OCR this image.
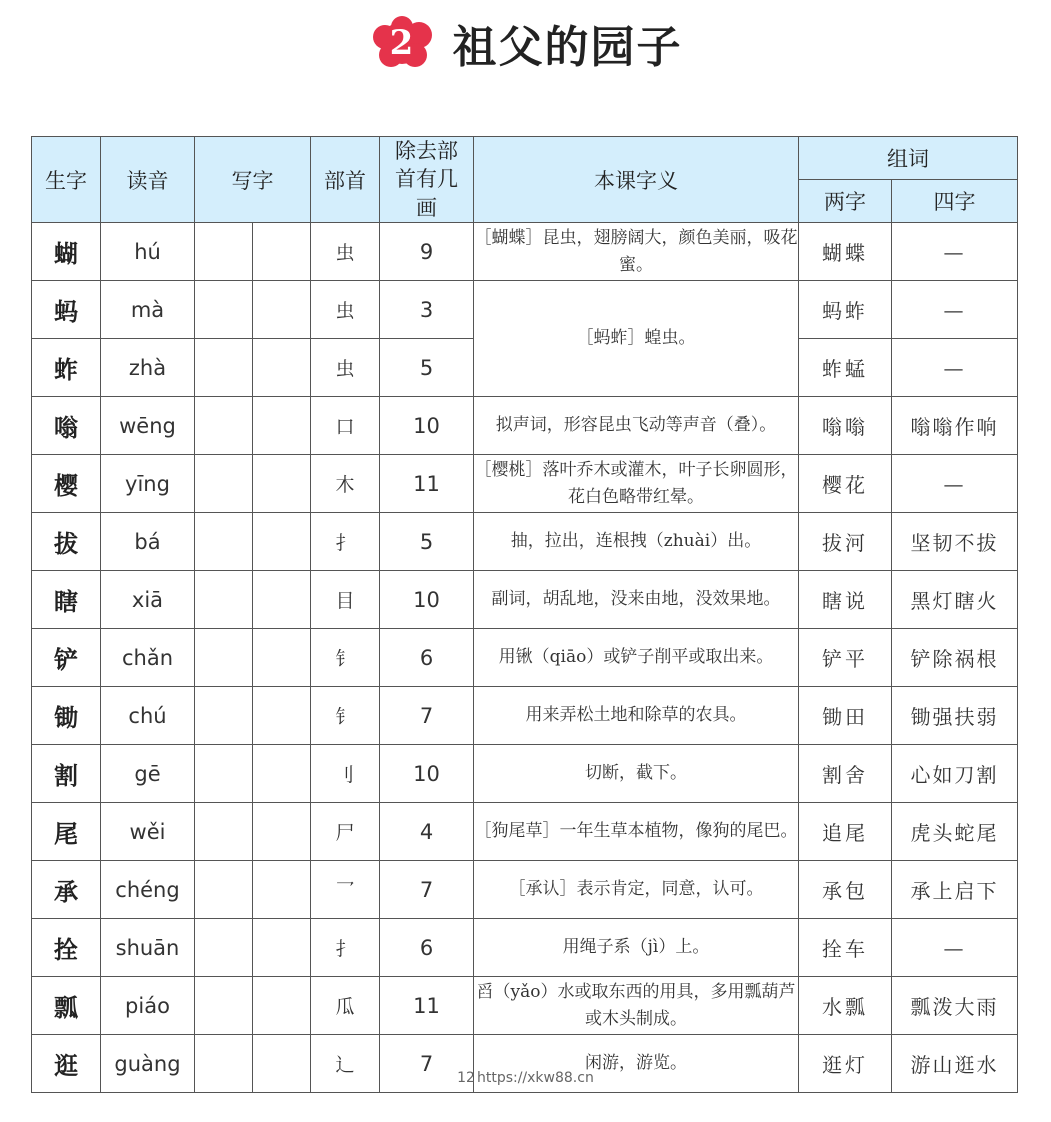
2 祖父的园子
生字	读音	写字		部首	除去部首有几画	本课字义	组词	
							两字	四字
蝴	hú			虫	9	［蝴蝶］昆虫，翅膀阔大，颜色美丽，吸花蜜。	蝴蝶	—
蚂	mà			虫	3	［蚂蚱］蝗虫。	蚂蚱	—
蚱	zhà			虫	5		蚱蜢	—
嗡	wēng			口	10	拟声词，形容昆虫飞动等声音（叠）。	嗡嗡	嗡嗡作响
樱	yīng			木	11	［樱桃］落叶乔木或灌木，叶子长卵圆形，花白色略带红晕。	樱花	—
拔	bá			扌	5	抽，拉出，连根拽（zhuài）出。	拔河	坚韧不拔
瞎	xiā			目	10	副词，胡乱地，没来由地，没效果地。	瞎说	黑灯瞎火
铲	chǎn			钅	6	用锹（qiāo）或铲子削平或取出来。	铲平	铲除祸根
锄	chú			钅	7	用来弄松土地和除草的农具。	锄田	锄强扶弱
割	gē			刂	10	切断，截下。	割舍	心如刀割
尾	wěi			尸	4	［狗尾草］一年生草本植物，像狗的尾巴。	追尾	虎头蛇尾
承	chéng			乛	7	［承认］表示肯定，同意，认可。	承包	承上启下
拴	shuān			扌	6	用绳子系（jì）上。	拴车	—
瓢	piáo			瓜	11	舀（yǎo）水或取东西的用具，多用瓢葫芦或木头制成。	水瓢	瓢泼大雨
逛	guàng			辶	7	闲游，游览。	逛灯	游山逛水
12 https://xkw88.cn
